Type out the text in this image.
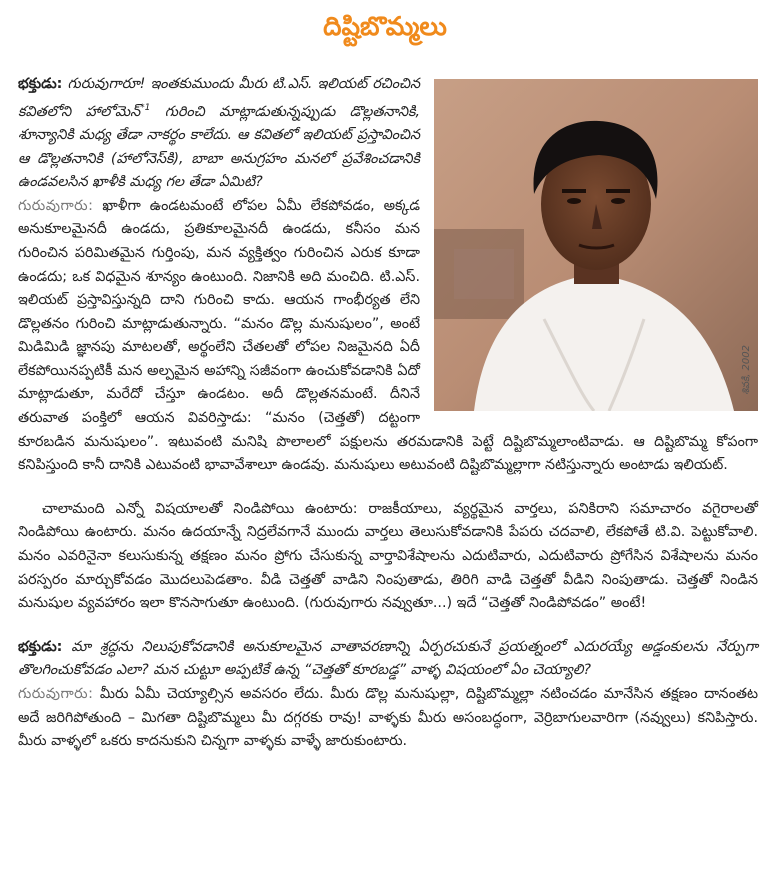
దిష్టిబొమ్మలు

భక్తుడు: గురువుగారూ! ఇంతకుముందు మీరు టి.ఎస్. ఇలియట్ రచించిన కవితలోని హాలోమెన్$^{*1}$ గురించి మాట్లాడుతున్నప్పుడు డొల్లతనానికి, శూన్యానికి మధ్య తేడా నాకర్థం కాలేదు. ఆ కవితలో ఇలియట్ ప్రస్తావించిన ఆ డొల్లతనానికి (హాలోనెస్‌కి), బాబా అనుగ్రహం మనలో ప్రవేశించడానికి ఉండవలసిన ఖాళీకి మధ్య గల తేడా ఏమిటి?

గురువుగారు: ఖాళీగా ఉండటమంటే లోపల ఏమీ లేకపోవడం, అక్కడ అనుకూలమైనదీ ఉండదు, ప్రతికూలమైనదీ ఉండదు, కనీసం మన గురించిన పరిమితమైన గుర్తింపు, మన వ్యక్తిత్వం గురించిన ఎరుక కూడా ఉండదు; ఒక విధమైన శూన్యం ఉంటుంది. నిజానికి అది మంచిది. టి.ఎస్. ఇలియట్ ప్రస్తావిస్తున్నది దాని గురించి కాదు. ఆయన గాంభీర్యత లేని డొల్లతనం గురించి మాట్లాడుతున్నారు. “మనం డొల్ల మనుషులం”, అంటే మిడిమిడి జ్ఞానపు మాటలతో, అర్థంలేని చేతలతో లోపల నిజమైనది ఏదీ లేకపోయినప్పటికీ మన అల్పమైన అహాన్ని సజీవంగా ఉంచుకోవడానికి ఏదో మాట్లాడుతూ, మరేదో చేస్తూ ఉండటం. అదీ డొల్లతనమంటే. దీనినే తరువాత పంక్తిలో ఆయన వివరిస్తాడు: “మనం (చెత్తతో) దట్టంగా కూరబడిన మనుషులం”. ఇటువంటి మనిషి పొలాలలో పక్షులను తరమడానికి పెట్టే దిష్టిబొమ్మలాంటివాడు. ఆ దిష్టిబొమ్మ కోపంగా కనిపిస్తుంది కానీ దానికి ఎటువంటి భావావేశాలూ ఉండవు. మనుషులు అటువంటి దిష్టిబొమ్మల్లాగా నటిస్తున్నారు అంటాడు ఇలియట్.

చాలామంది ఎన్నో విషయాలతో నిండిపోయి ఉంటారు: రాజకీయాలు, వ్యర్థమైన వార్తలు, పనికిరాని సమాచారం వగైరాలతో నిండిపోయి ఉంటారు. మనం ఉదయాన్నే నిద్రలేవగానే ముందు వార్తలు తెలుసుకోవడానికి పేపరు చదవాలి, లేకపోతే టి.వి. పెట్టుకోవాలి. మనం ఎవరినైనా కలుసుకున్న తక్షణం మనం ప్రోగు చేసుకున్న వార్తావిశేషాలను ఎదుటివారు, ఎదుటివారు ప్రోగేసిన విశేషాలను మనం పరస్పరం మార్చుకోవడం మొదలుపెడతాం. వీడి చెత్తతో వాడిని నింపుతాడు, తిరిగి వాడి చెత్తతో వీడిని నింపుతాడు. చెత్తతో నిండిన మనుషుల వ్యవహారం ఇలా కొనసాగుతూ ఉంటుంది. (గురువుగారు నవ్వుతూ...) ఇదే “చెత్తతో నిండిపోవడం” అంటే!

భక్తుడు: మా శ్రద్ధను నిలుపుకోవడానికి అనుకూలమైన వాతావరణాన్ని ఏర్పరచుకునే ప్రయత్నంలో ఎదురయ్యే అడ్డంకులను నేర్పుగా తొలగించుకోవడం ఎలా? మన చుట్టూ అప్పటికే ఉన్న “చెత్తతో కూరబడ్డ” వాళ్ళ విషయంలో ఏం చెయ్యాలి?

గురువుగారు: మీరు ఏమీ చెయ్యాల్సిన అవసరం లేదు. మీరు డొల్ల మనుషుల్లా, దిష్టిబొమ్మల్లా నటించడం మానేసిన తక్షణం దానంతట అదే జరిగిపోతుంది – మిగతా దిష్టిబొమ్మలు మీ దగ్గరకు రావు! వాళ్ళకు మీరు అసంబద్ధంగా, వెర్రిబాగులవారిగా (నవ్వులు) కనిపిస్తారు. మీరు వాళ్ళలో ఒకరు కాదనుకుని చిన్నగా వాళ్ళకు వాళ్ళే జారుకుంటారు.

శివకి, 2002
